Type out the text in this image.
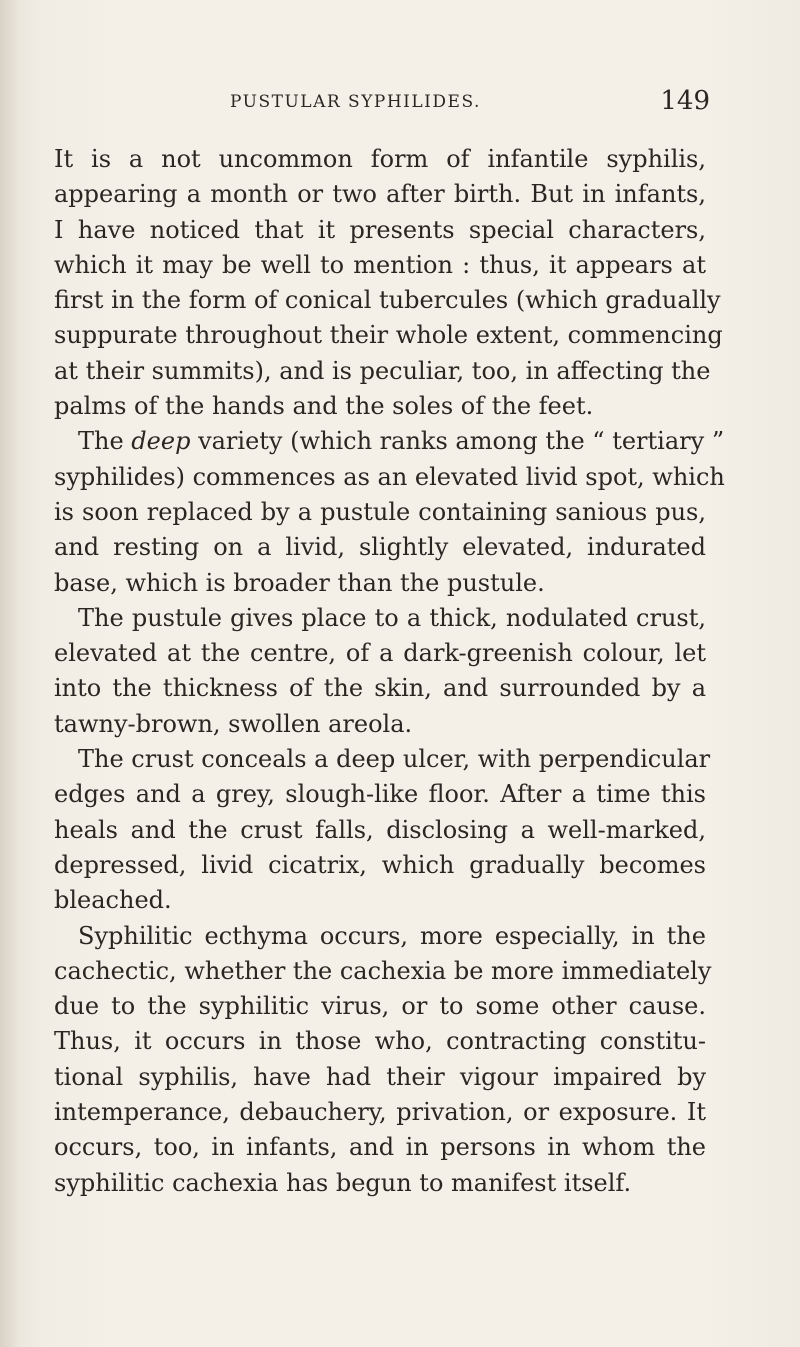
PUSTULAR SYPHILIDES.	149
It is a not uncommon form of infantile syphilis,
appearing a month or two after birth. But in infants,
I have noticed that it presents special characters,
which it may be well to mention : thus, it appears at
first in the form of conical tubercules (which gradually
suppurate throughout their whole extent, commencing
at their summits), and is peculiar, too, in affecting the
palms of the hands and the soles of the feet.
The deep variety (which ranks among the “ tertiary ”
syphilides) commences as an elevated livid spot, which
is soon replaced by a pustule containing sanious pus,
and resting on a livid, slightly elevated, indurated
base, which is broader than the pustule.
The pustule gives place to a thick, nodulated crust,
elevated at the centre, of a dark-greenish colour, let
into the thickness of the skin, and surrounded by a
tawny-brown, swollen areola.
The crust conceals a deep ulcer, with perpendicular
edges and a grey, slough-like floor. After a time this
heals and the crust falls, disclosing a well-marked,
depressed, livid cicatrix, which gradually becomes
bleached.
Syphilitic ecthyma occurs, more especially, in the
cachectic, whether the cachexia be more immediately
due to the syphilitic virus, or to some other cause.
Thus, it occurs in those who, contracting constitu-
tional syphilis, have had their vigour impaired by
intemperance, debauchery, privation, or exposure. It
occurs, too, in infants, and in persons in whom the
syphilitic cachexia has begun to manifest itself.
